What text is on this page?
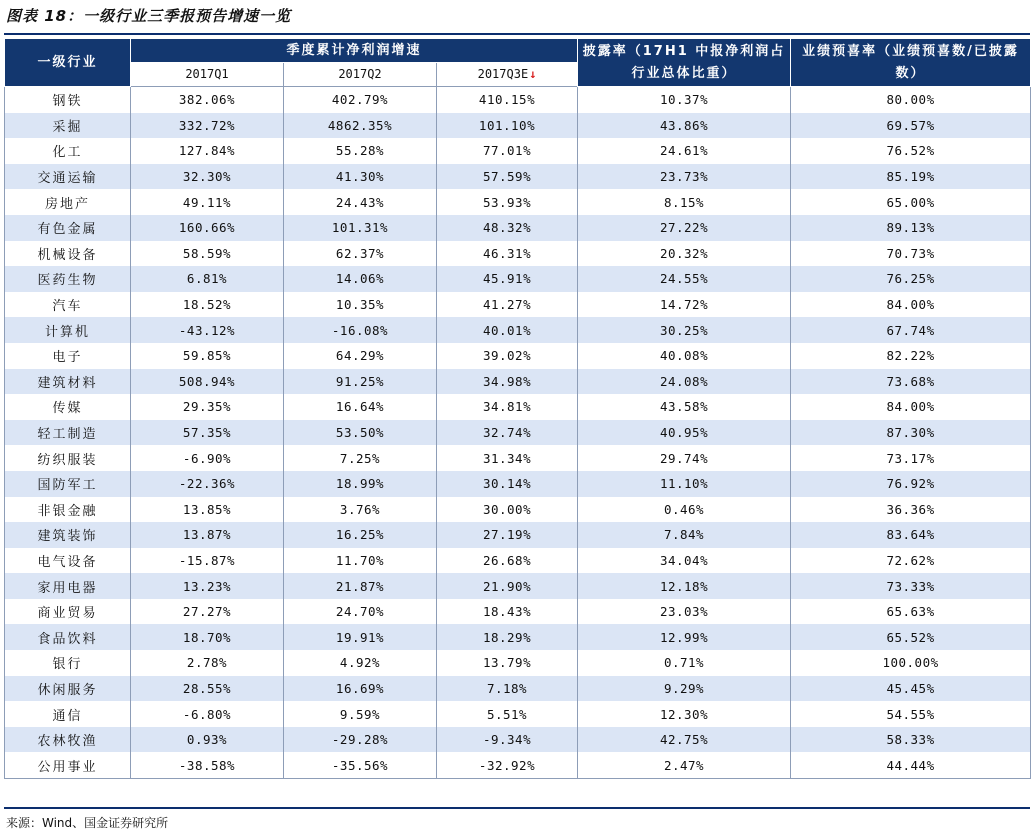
图表 18：一级行业三季报预告增速一览
一级行业	季度累计净利润增速			披露率（17H1 中报净利润占行业总体比重）	业绩预喜率（业绩预喜数/已披露数）
	2017Q1	2017Q2	2017Q3E↓		
钢铁	382.06%	402.79%	410.15%	10.37%	80.00%
采掘	332.72%	4862.35%	101.10%	43.86%	69.57%
化工	127.84%	55.28%	77.01%	24.61%	76.52%
交通运输	32.30%	41.30%	57.59%	23.73%	85.19%
房地产	49.11%	24.43%	53.93%	8.15%	65.00%
有色金属	160.66%	101.31%	48.32%	27.22%	89.13%
机械设备	58.59%	62.37%	46.31%	20.32%	70.73%
医药生物	6.81%	14.06%	45.91%	24.55%	76.25%
汽车	18.52%	10.35%	41.27%	14.72%	84.00%
计算机	-43.12%	-16.08%	40.01%	30.25%	67.74%
电子	59.85%	64.29%	39.02%	40.08%	82.22%
建筑材料	508.94%	91.25%	34.98%	24.08%	73.68%
传媒	29.35%	16.64%	34.81%	43.58%	84.00%
轻工制造	57.35%	53.50%	32.74%	40.95%	87.30%
纺织服装	-6.90%	7.25%	31.34%	29.74%	73.17%
国防军工	-22.36%	18.99%	30.14%	11.10%	76.92%
非银金融	13.85%	3.76%	30.00%	0.46%	36.36%
建筑装饰	13.87%	16.25%	27.19%	7.84%	83.64%
电气设备	-15.87%	11.70%	26.68%	34.04%	72.62%
家用电器	13.23%	21.87%	21.90%	12.18%	73.33%
商业贸易	27.27%	24.70%	18.43%	23.03%	65.63%
食品饮料	18.70%	19.91%	18.29%	12.99%	65.52%
银行	2.78%	4.92%	13.79%	0.71%	100.00%
休闲服务	28.55%	16.69%	7.18%	9.29%	45.45%
通信	-6.80%	9.59%	5.51%	12.30%	54.55%
农林牧渔	0.93%	-29.28%	-9.34%	42.75%	58.33%
公用事业	-38.58%	-35.56%	-32.92%	2.47%	44.44%
来源：Wind、国金证券研究所
